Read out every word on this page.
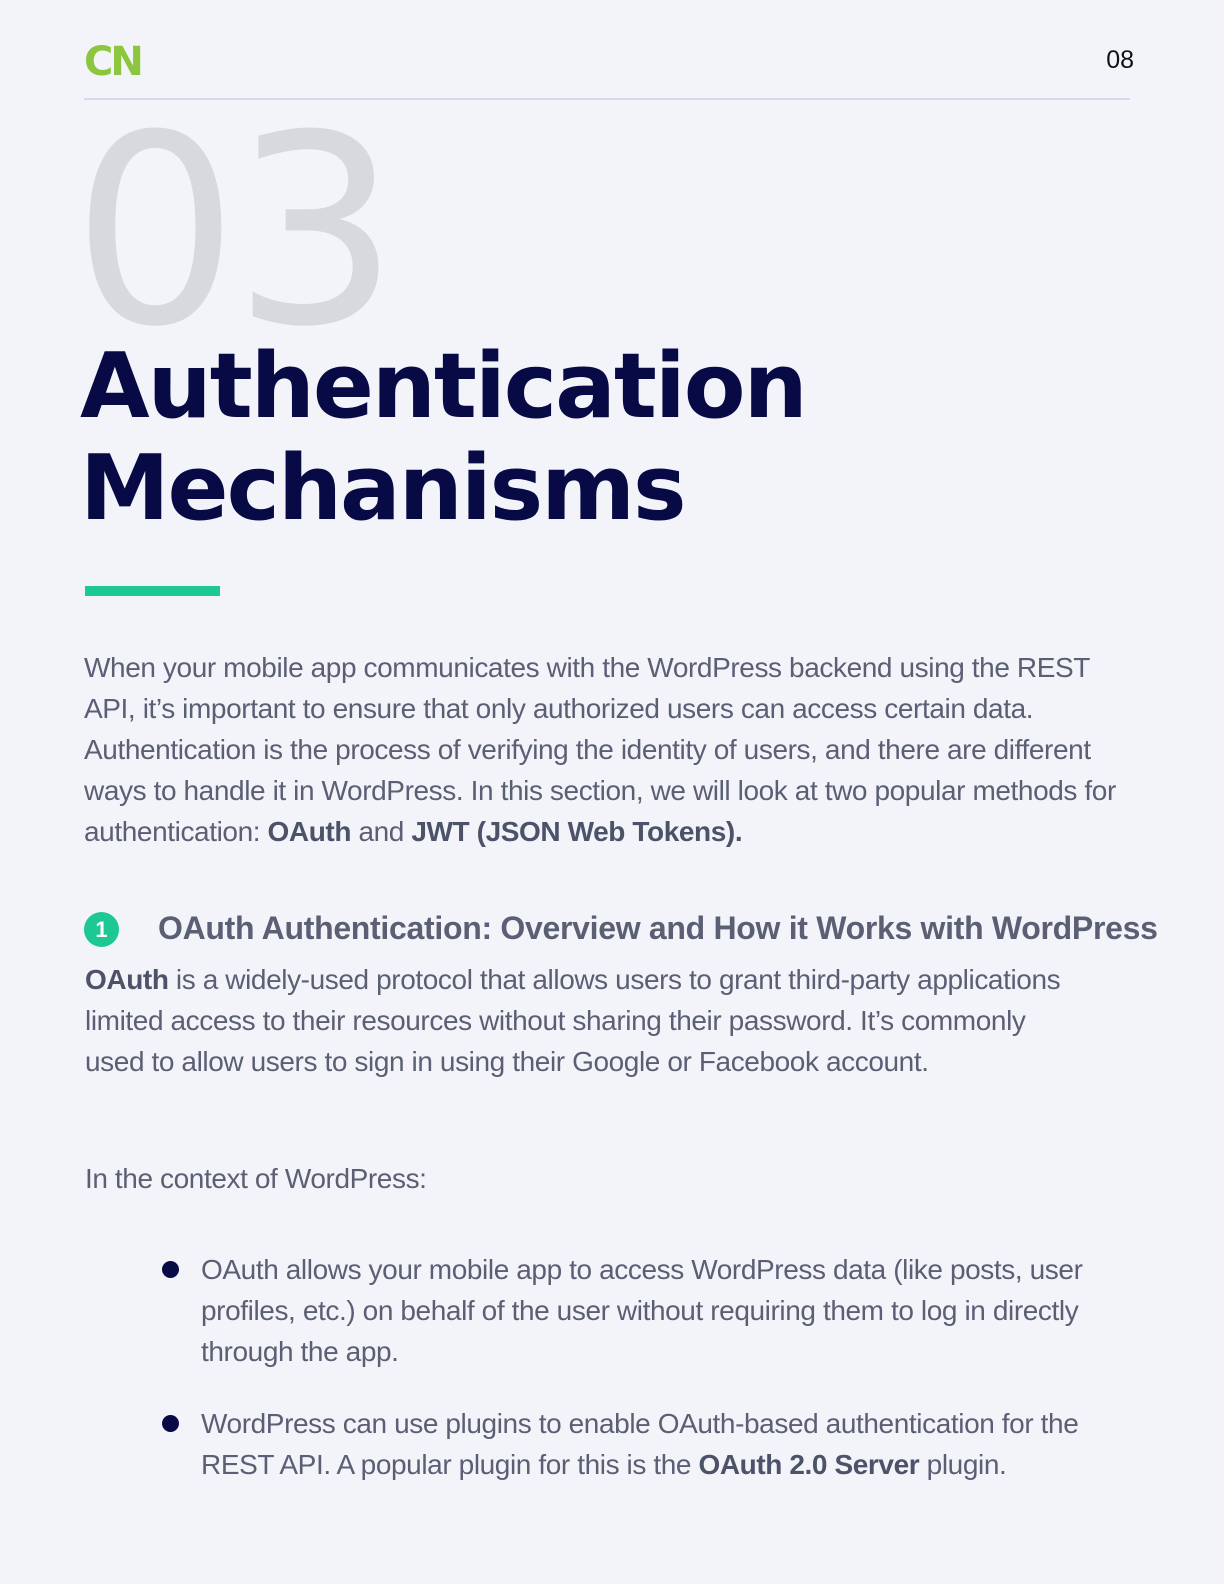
CN	08
03
Authentication
Mechanisms

When your mobile app communicates with the WordPress backend using the REST API, it’s important to ensure that only authorized users can access certain data. Authentication is the process of verifying the identity of users, and there are different ways to handle it in WordPress. In this section, we will look at two popular methods for authentication: OAuth and JWT (JSON Web Tokens).

1	OAuth Authentication: Overview and How it Works with WordPress

OAuth is a widely-used protocol that allows users to grant third-party applications limited access to their resources without sharing their password. It’s commonly used to allow users to sign in using their Google or Facebook account.

In the context of WordPress:

OAuth allows your mobile app to access WordPress data (like posts, user profiles, etc.) on behalf of the user without requiring them to log in directly through the app.
WordPress can use plugins to enable OAuth-based authentication for the REST API. A popular plugin for this is the OAuth 2.0 Server plugin.
